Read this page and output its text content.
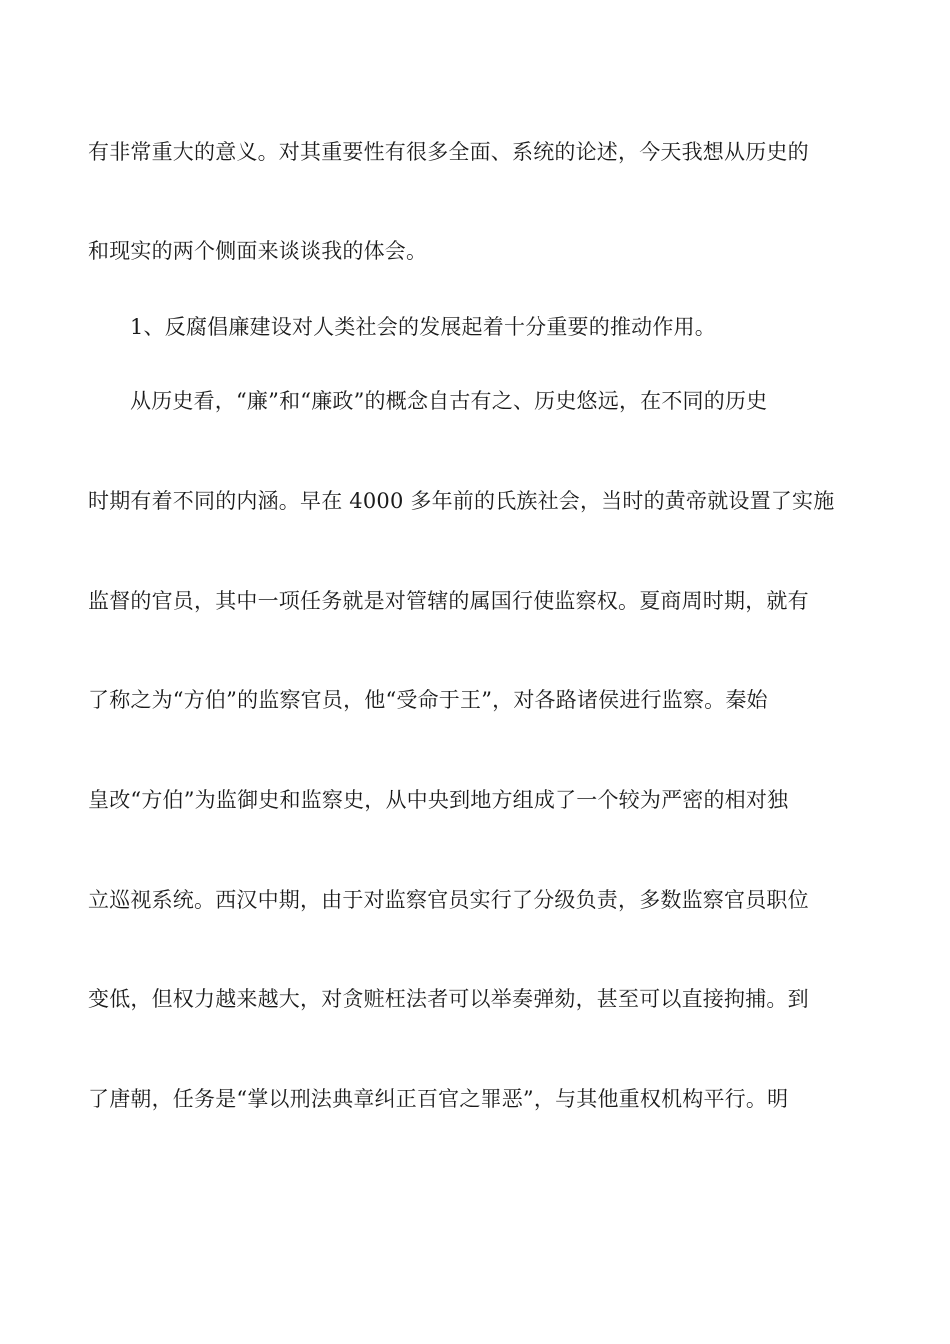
有非常重大的意义。对其重要性有很多全面、系统的论述，今天我想从历史的
和现实的两个侧面来谈谈我的体会。
1、反腐倡廉建设对人类社会的发展起着十分重要的推动作用。
从历史看，“廉”和“廉政”的概念自古有之、历史悠远，在不同的历史
时期有着不同的内涵。早在 4000 多年前的氏族社会，当时的黄帝就设置了实施
监督的官员，其中一项任务就是对管辖的属国行使监察权。夏商周时期，就有
了称之为“方伯”的监察官员，他“受命于王”，对各路诸侯进行监察。秦始
皇改“方伯”为监御史和监察史，从中央到地方组成了一个较为严密的相对独
立巡视系统。西汉中期，由于对监察官员实行了分级负责，多数监察官员职位
变低，但权力越来越大，对贪赃枉法者可以举奏弹劾，甚至可以直接拘捕。到
了唐朝，任务是“掌以刑法典章纠正百官之罪恶”，与其他重权机构平行。明
